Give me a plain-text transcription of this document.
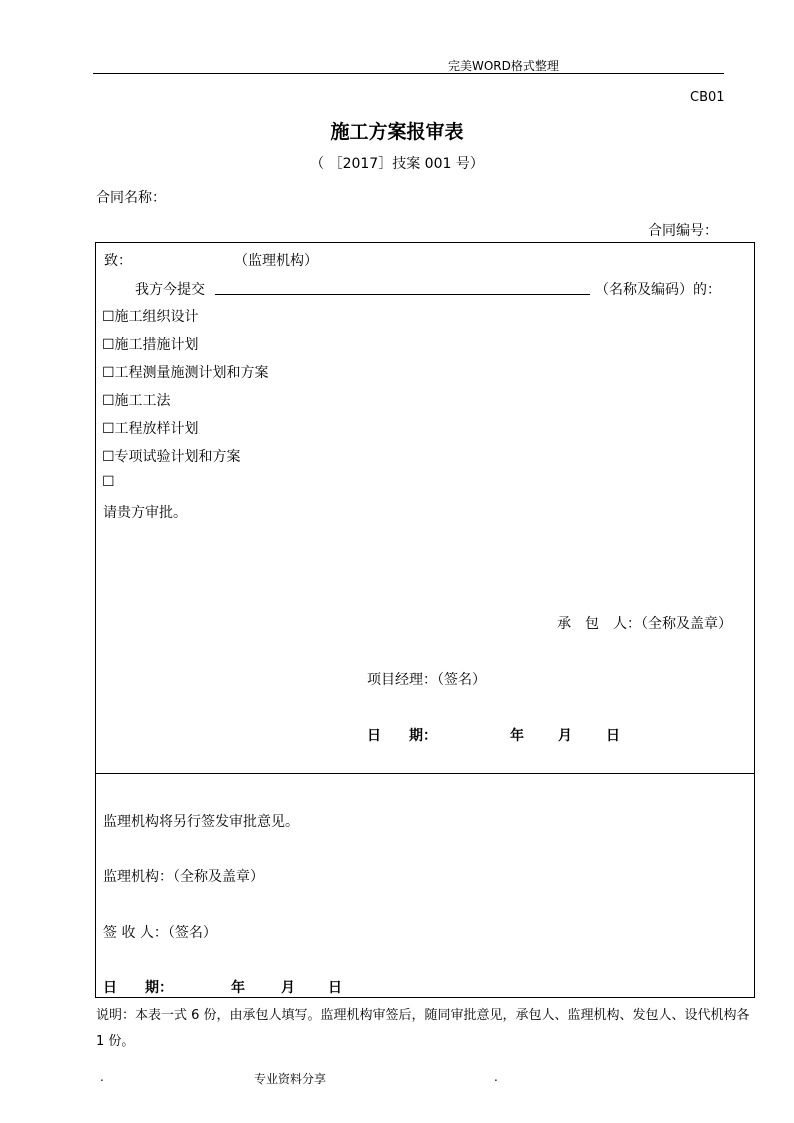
完美WORD格式整理
CB01
施工方案报审表
（ ［2017］技案 001 号）
合同名称：
合同编号：
致：	（监理机构）
我方今提交	（名称及编码）的：
☐施工组织设计
☐施工措施计划
☐工程测量施测计划和方案
☐施工工法
☐工程放样计划
☐专项试验计划和方案
☐
请贵方审批。
承　包　人：（全称及盖章）
项目经理：（签名）
日　　期：	年 月 日
监理机构将另行签发审批意见。
监理机构：（全称及盖章）
签 收 人：（签名）
日　　期：	年	月 日
说明：本表一式 6 份，由承包人填写。监理机构审签后，随同审批意见，承包人、监理机构、发包人、设代机构各 1 份。
.	专业资料分享	.
